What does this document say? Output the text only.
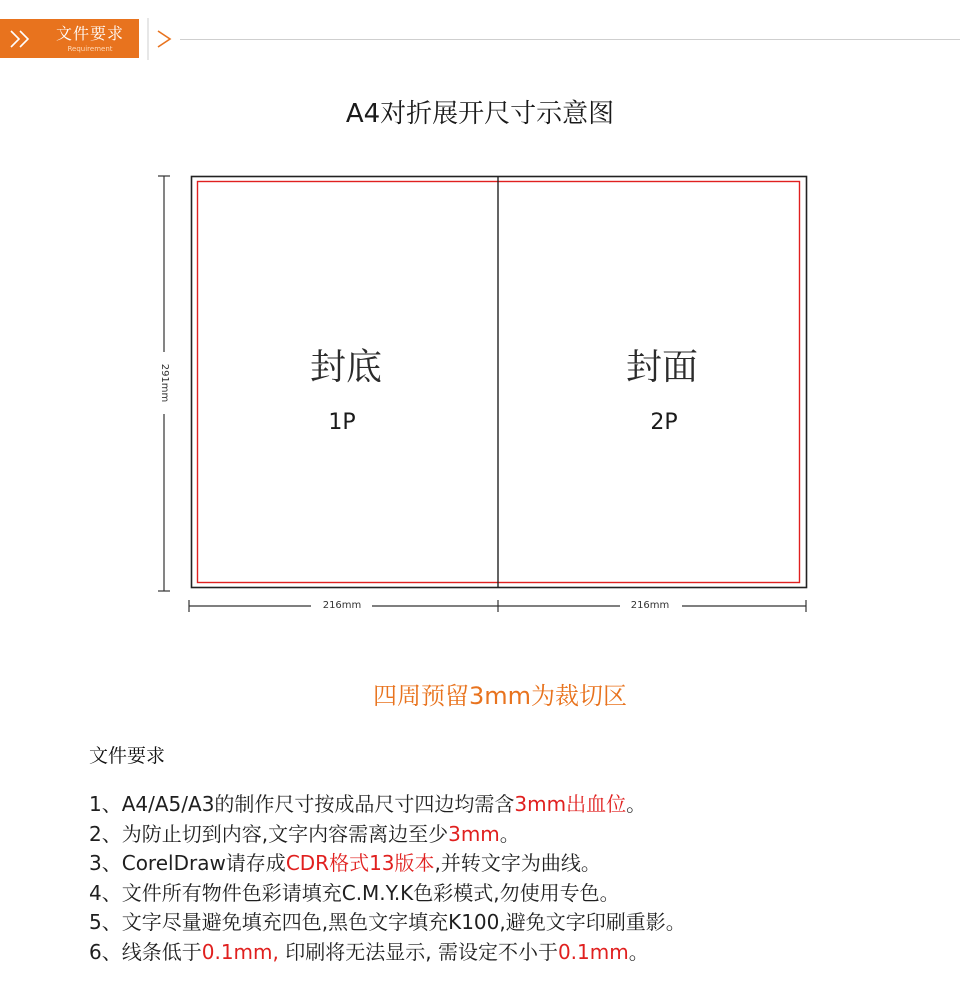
文件要求
Requirement
A4对折展开尺寸示意图
封底
1P
封面
2P
291mm
216mm	216mm
四周预留3mm为裁切区
文件要求
1、A4/A5/A3的制作尺寸按成品尺寸四边均需含3mm出血位。
2、为防止切到内容,文字内容需离边至少3mm。
3、CorelDraw请存成CDR格式13版本,并转文字为曲线。
4、文件所有物件色彩请填充C.M.Y.K色彩模式,勿使用专色。
5、文字尽量避免填充四色,黑色文字填充K100,避免文字印刷重影。
6、线条低于0.1mm, 印刷将无法显示, 需设定不小于0.1mm。
